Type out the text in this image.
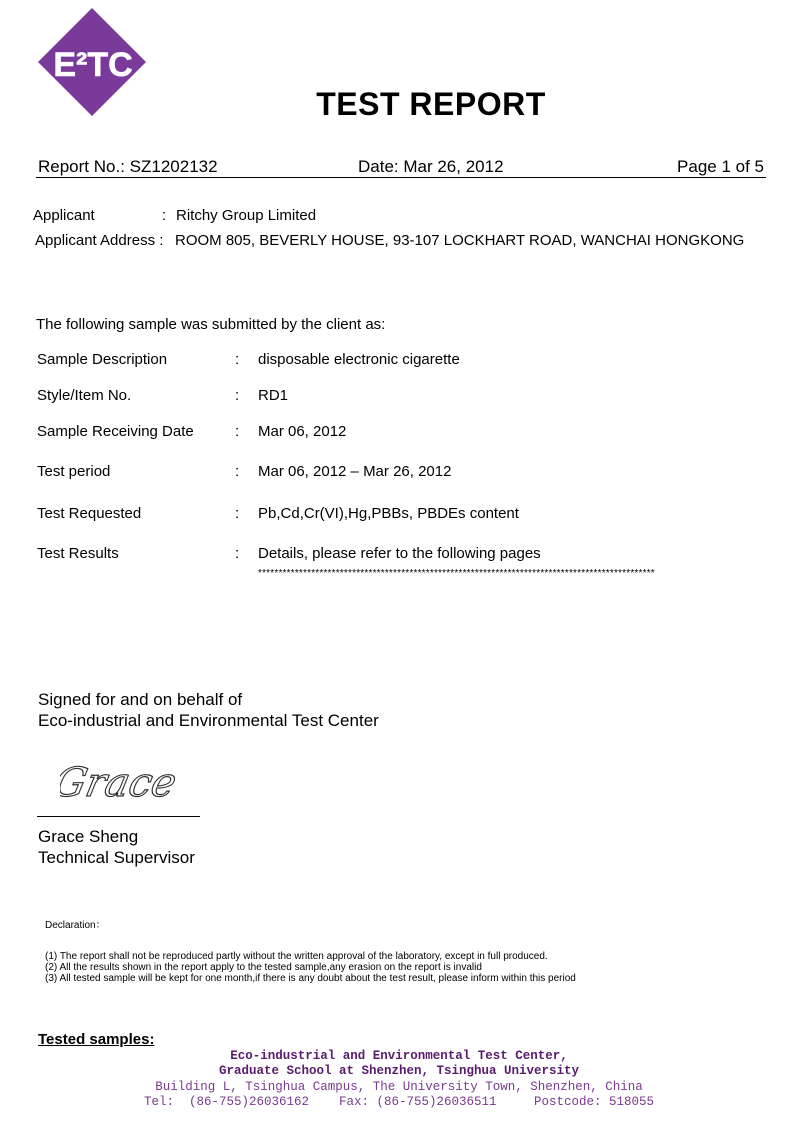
E²TC
TEST REPORT
Report No.: SZ1202132	Date: Mar 26, 2012	Page 1 of 5
Applicant	: Ritchy Group Limited
Applicant Address : ROOM 805, BEVERLY HOUSE, 93-107 LOCKHART ROAD, WANCHAI HONGKONG
The following sample was submitted by the client as:
Sample Description	: disposable electronic cigarette
Style/Item No.	: RD1
Sample Receiving Date	: Mar 06, 2012
Test period	: Mar 06, 2012 – Mar 26, 2012
Test Requested	: Pb,Cd,Cr(VI),Hg,PBBs, PBDEs content
Test Results	: Details, please refer to the following pages
*************************************************************************************************
Signed for and on behalf of
Eco-industrial and Environmental Test Center
Grace
Grace Sheng
Technical Supervisor
Declaration：
(1) The report shall not be reproduced partly without the written approval of the laboratory, except in full produced.
(2) All the results shown in the report apply to the tested sample,any erasion on the report is invalid
(3) All tested sample will be kept for one month,if there is any doubt about the test result, please inform within this period
Tested samples:
Eco-industrial and Environmental Test Center,
Graduate School at Shenzhen, Tsinghua University
Building L, Tsinghua Campus, The University Town, Shenzhen, China
Tel:  (86-755)26036162    Fax: (86-755)26036511     Postcode: 518055
